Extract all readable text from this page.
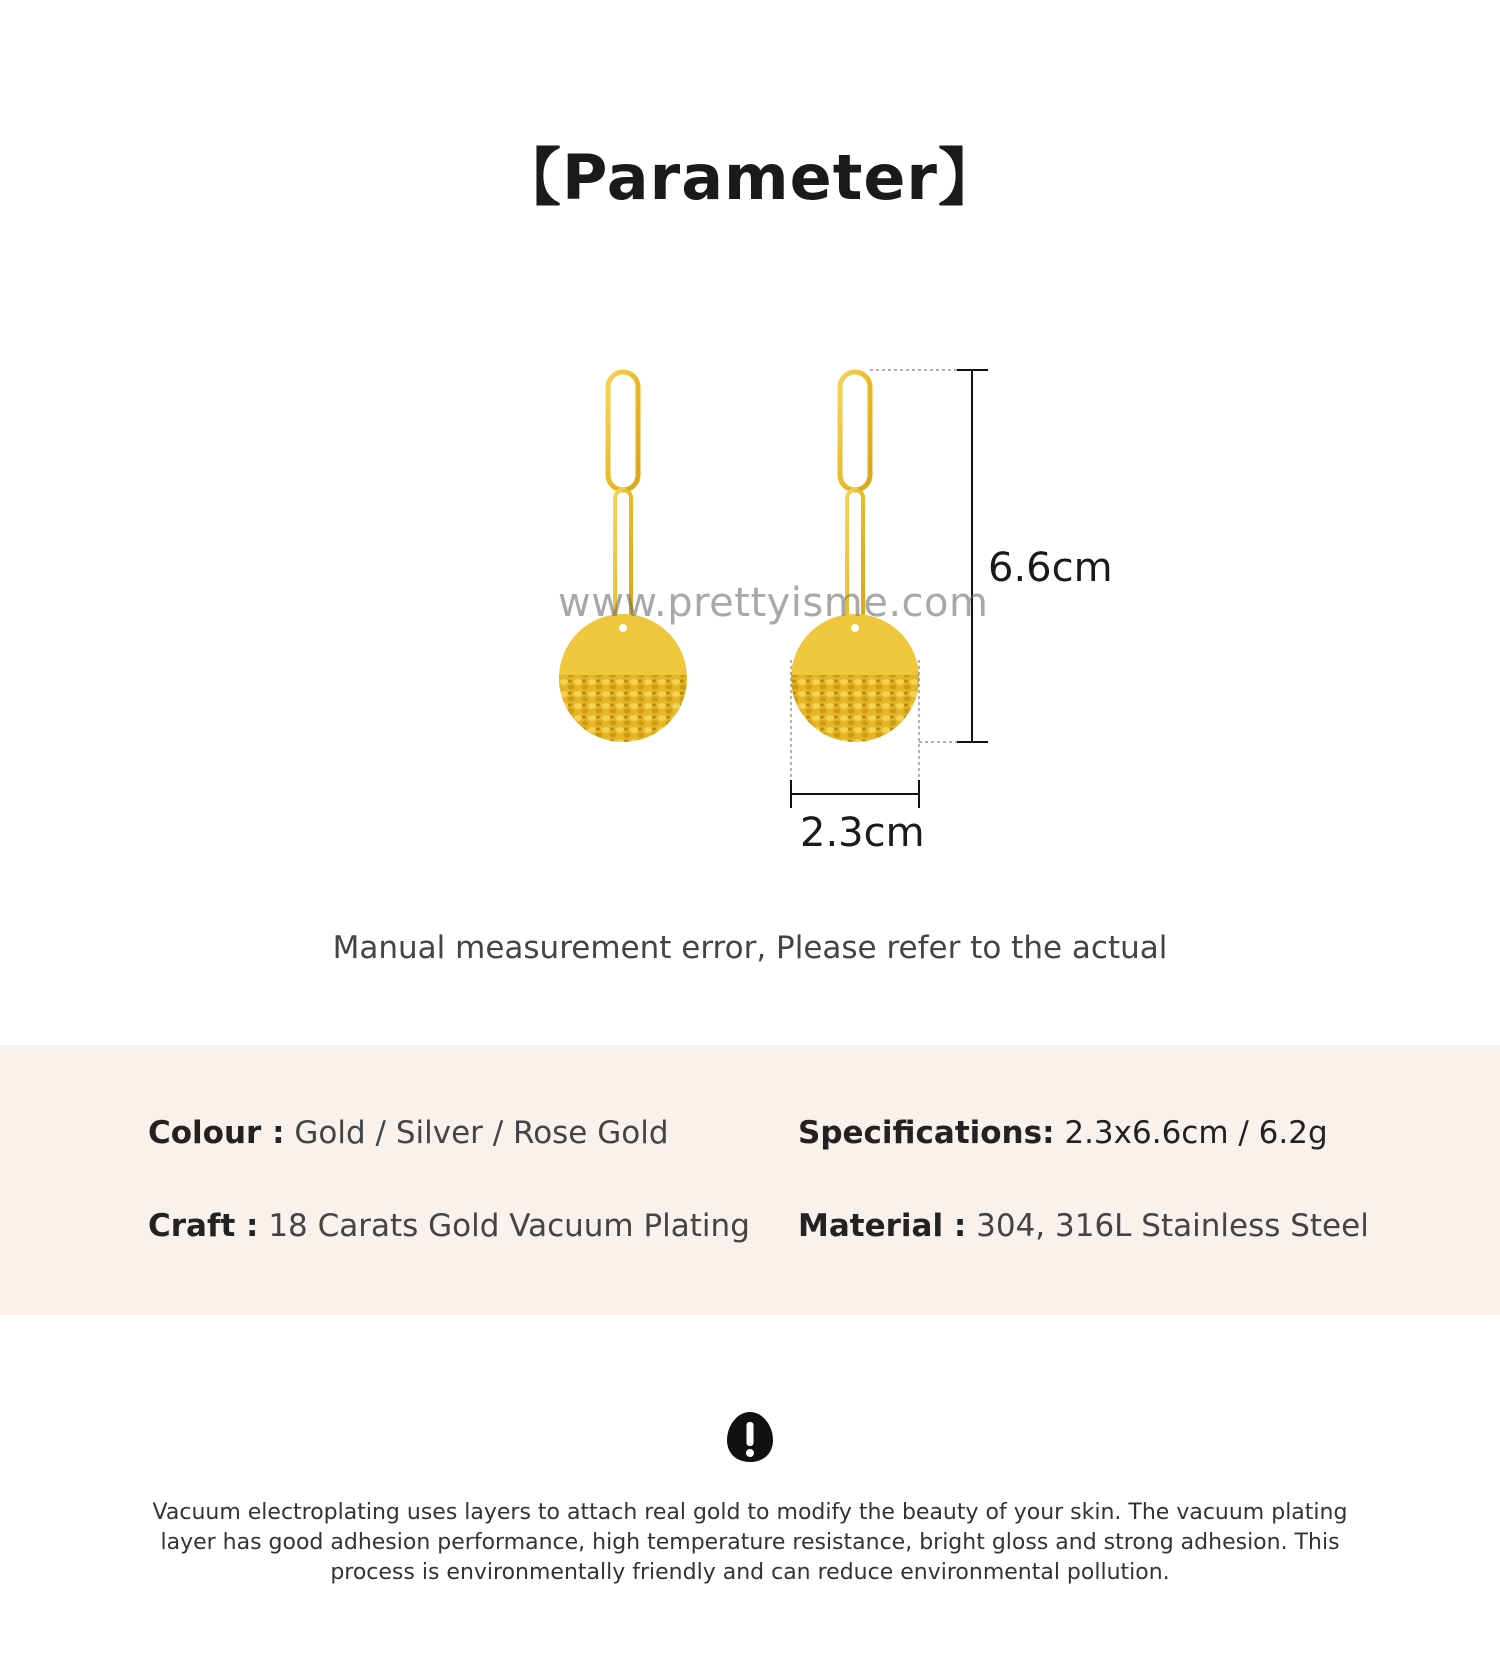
【Parameter】
www.prettyisme.com
6.6cm
2.3cm
Manual measurement error, Please refer to the actual
Colour : Gold / Silver / Rose Gold	Specifications: 2.3x6.6cm / 6.2g
Craft : 18 Carats Gold Vacuum Plating Material : 304, 316L Stainless Steel
Vacuum electroplating uses layers to attach real gold to modify the beauty of your skin. The vacuum plating layer has good adhesion performance, high temperature resistance, bright gloss and strong adhesion. This process is environmentally friendly and can reduce environmental pollution.
